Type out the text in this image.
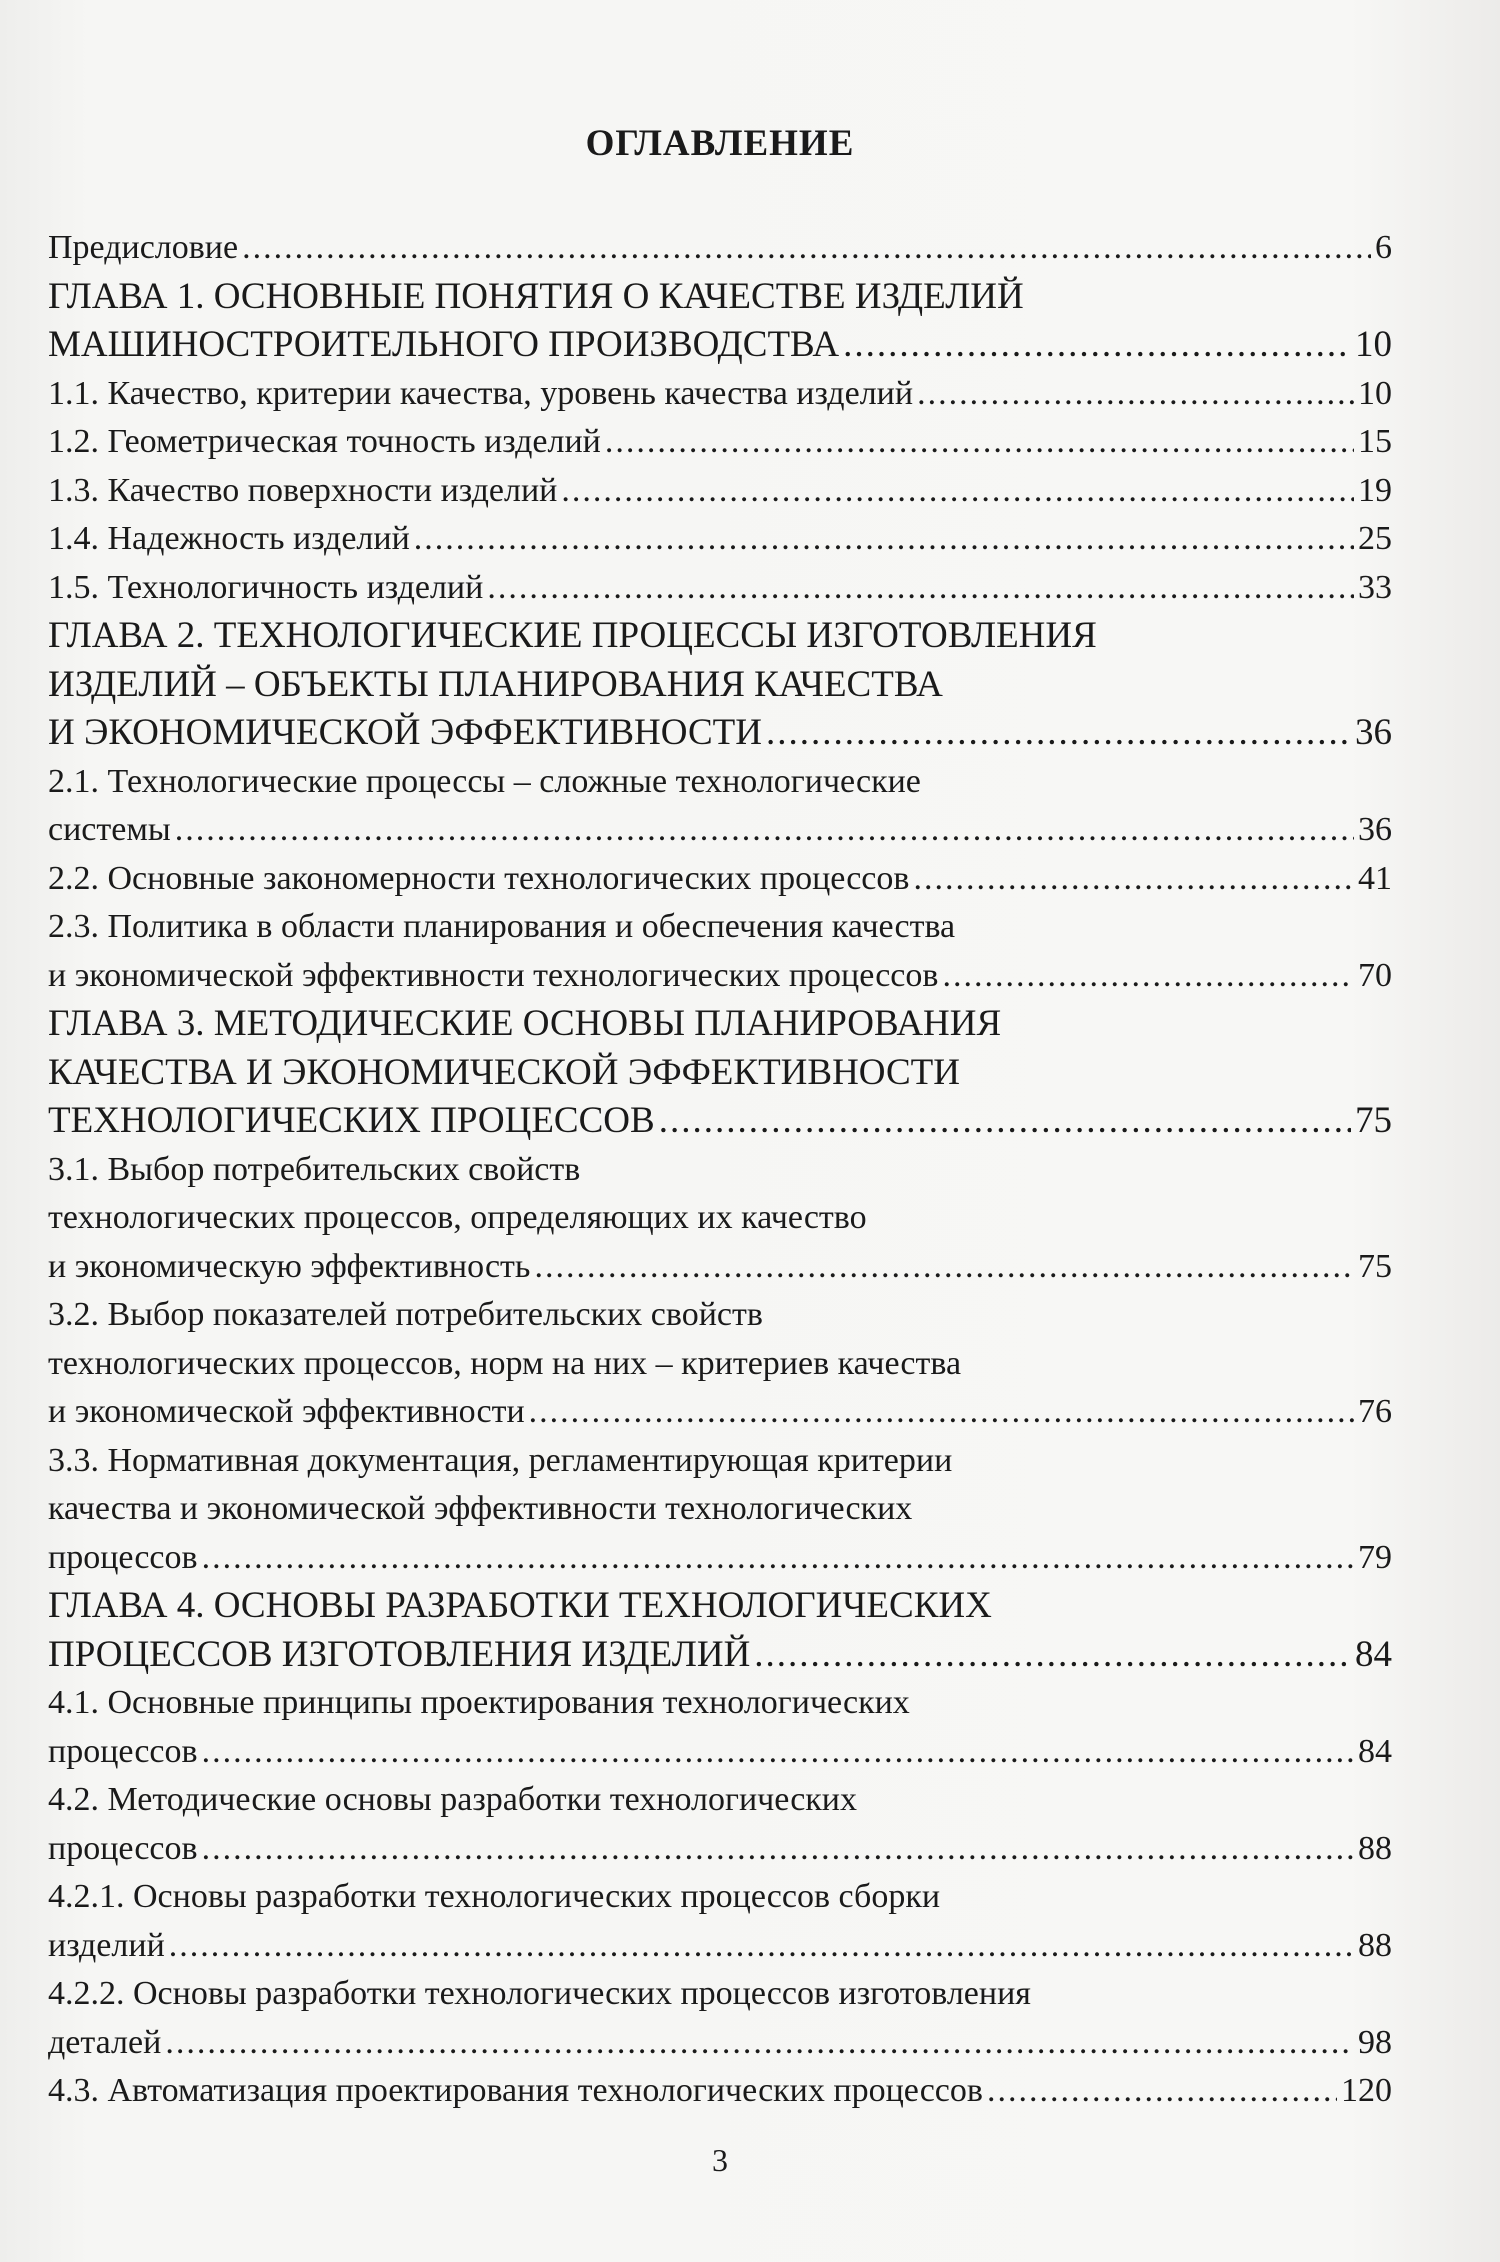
ОГЛАВЛЕНИЕ
Предисловие .....	6
ГЛАВА 1. ОСНОВНЫЕ ПОНЯТИЯ О КАЧЕСТВЕ ИЗДЕЛИЙ
МАШИНОСТРОИТЕЛЬНОГО ПРОИЗВОДСТВА .....	10
1.1. Качество, критерии качества, уровень качества изделий .....	10
1.2. Геометрическая точность изделий .....	15
1.3. Качество поверхности изделий .....	19
1.4. Надежность изделий .....	25
1.5. Технологичность изделий .....	33
ГЛАВА 2. ТЕХНОЛОГИЧЕСКИЕ ПРОЦЕССЫ ИЗГОТОВЛЕНИЯ
ИЗДЕЛИЙ – ОБЪЕКТЫ ПЛАНИРОВАНИЯ КАЧЕСТВА
И ЭКОНОМИЧЕСКОЙ ЭФФЕКТИВНОСТИ .....	36
2.1. Технологические процессы – сложные технологические
системы .....	36
2.2. Основные закономерности технологических процессов .....	41
2.3. Политика в области планирования и обеспечения качества
и экономической эффективности технологических процессов .....	70
ГЛАВА 3. МЕТОДИЧЕСКИЕ ОСНОВЫ ПЛАНИРОВАНИЯ
КАЧЕСТВА И ЭКОНОМИЧЕСКОЙ ЭФФЕКТИВНОСТИ
ТЕХНОЛОГИЧЕСКИХ ПРОЦЕССОВ .....	75
3.1. Выбор потребительских свойств
технологических процессов, определяющих их качество
и экономическую эффективность .....	75
3.2. Выбор показателей потребительских свойств
технологических процессов, норм на них – критериев качества
и экономической эффективности .....	76
3.3. Нормативная документация, регламентирующая критерии
качества и экономической эффективности технологических
процессов .....	79
ГЛАВА 4. ОСНОВЫ РАЗРАБОТКИ ТЕХНОЛОГИЧЕСКИХ
ПРОЦЕССОВ ИЗГОТОВЛЕНИЯ ИЗДЕЛИЙ .....	84
4.1. Основные принципы проектирования технологических
процессов .....	84
4.2. Методические основы разработки технологических
процессов .....	88
4.2.1. Основы разработки технологических процессов сборки
изделий .....	88
4.2.2. Основы разработки технологических процессов изготовления
деталей .....	98
4.3. Автоматизация проектирования технологических процессов .....	120
3
